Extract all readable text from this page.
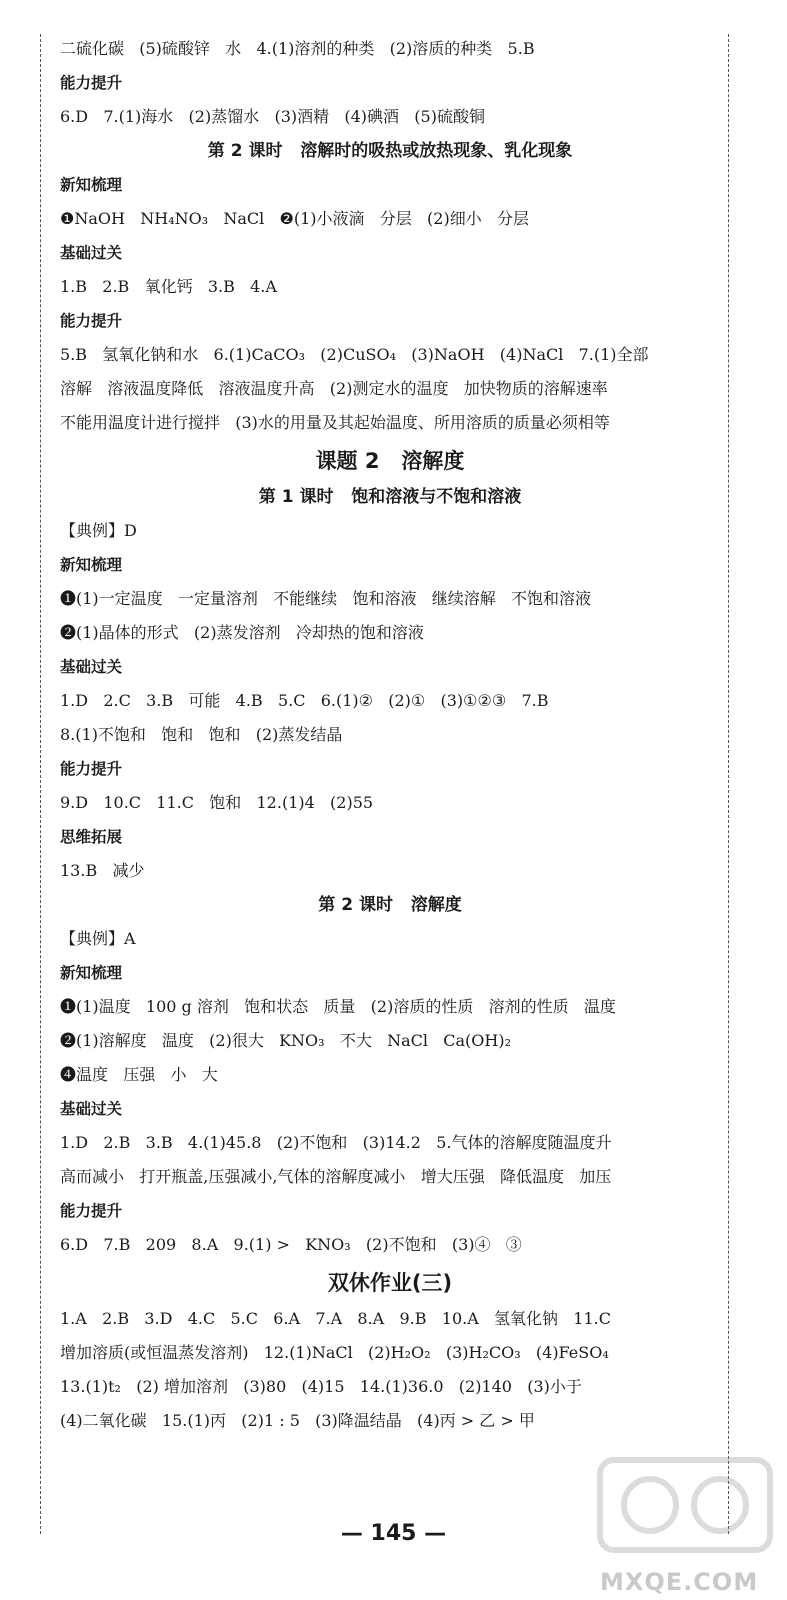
二硫化碳   (5)硫酸锌   水   4.(1)溶剂的种类   (2)溶质的种类   5.B
能力提升
6.D   7.(1)海水   (2)蒸馏水   (3)酒精   (4)碘酒   (5)硫酸铜
第 2 课时   溶解时的吸热或放热现象、乳化现象
新知梳理
❶NaOH   NH₄NO₃   NaCl   ❷(1)小液滴   分层   (2)细小   分层
基础过关
1.B   2.B   氧化钙   3.B   4.A
能力提升
5.B   氢氧化钠和水   6.(1)CaCO₃   (2)CuSO₄   (3)NaOH   (4)NaCl   7.(1)全部
溶解   溶液温度降低   溶液温度升高   (2)测定水的温度   加快物质的溶解速率
不能用温度计进行搅拌   (3)水的用量及其起始温度、所用溶质的质量必须相等
课题 2   溶解度
第 1 课时   饱和溶液与不饱和溶液
【典例】D
新知梳理
❶(1)一定温度   一定量溶剂   不能继续   饱和溶液   继续溶解   不饱和溶液
❷(1)晶体的形式   (2)蒸发溶剂   冷却热的饱和溶液
基础过关
1.D   2.C   3.B   可能   4.B   5.C   6.(1)②   (2)①   (3)①②③   7.B
8.(1)不饱和   饱和   饱和   (2)蒸发结晶
能力提升
9.D   10.C   11.C   饱和   12.(1)4   (2)55
思维拓展
13.B   减少
第 2 课时   溶解度
【典例】A
新知梳理
❶(1)温度   100 g 溶剂   饱和状态   质量   (2)溶质的性质   溶剂的性质   温度
❷(1)溶解度   温度   (2)很大   KNO₃   不大   NaCl   Ca(OH)₂
❹温度   压强   小   大
基础过关
1.D   2.B   3.B   4.(1)45.8   (2)不饱和   (3)14.2   5.气体的溶解度随温度升
高而减小   打开瓶盖,压强减小,气体的溶解度减小   增大压强   降低温度   加压
能力提升
6.D   7.B   209   8.A   9.(1) >   KNO₃   (2)不饱和   (3)④   ③
双休作业(三)
1.A   2.B   3.D   4.C   5.C   6.A   7.A   8.A   9.B   10.A   氢氧化钠   11.C
增加溶质(或恒温蒸发溶剂)   12.(1)NaCl   (2)H₂O₂   (3)H₂CO₃   (4)FeSO₄
13.(1)t₂   (2) 增加溶剂   (3)80   (4)15   14.(1)36.0   (2)140   (3)小于
(4)二氧化碳   15.(1)丙   (2)1 : 5   (3)降温结晶   (4)丙 > 乙 > 甲
— 145 —
MXQE.COM
